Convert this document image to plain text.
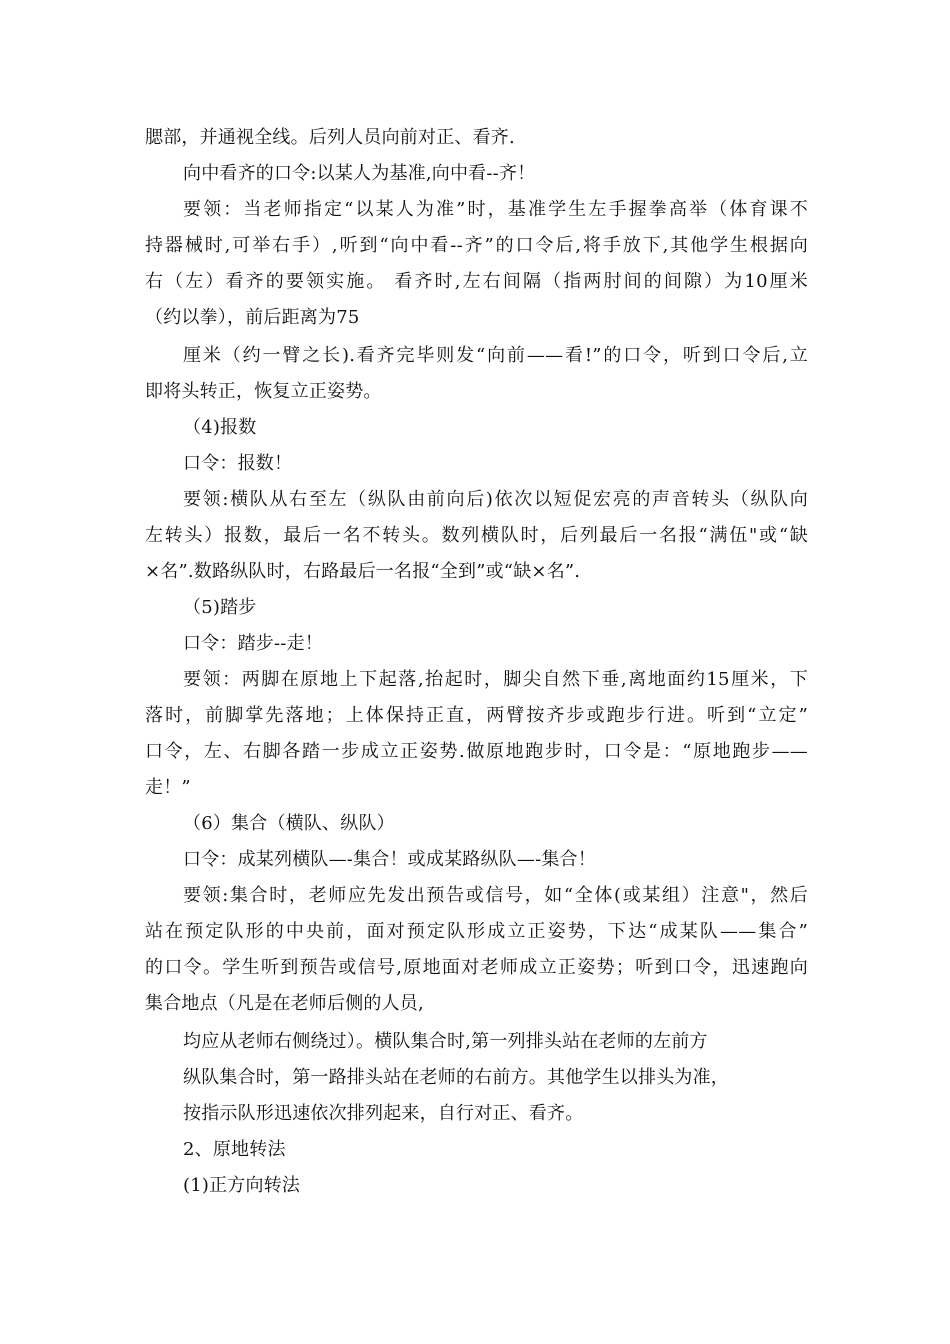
腮部，并通视全线。后列人员向前对正、看齐.
向中看齐的口令:以某人为基准,向中看--齐！
要领：当老师指定“以某人为准”时，基准学生左手握拳高举（体育课不
持器械时,可举右手）,听到“向中看--齐”的口令后,将手放下,其他学生根据向
右（左）看齐的要领实施。 看齐时,左右间隔（指两肘间的间隙）为10厘米
（约以拳），前后距离为75
厘米（约一臂之长).看齐完毕则发“向前——看!”的口令，听到口令后,立
即将头转正，恢复立正姿势。
（4)报数
口令：报数！
要领:横队从右至左（纵队由前向后)依次以短促宏亮的声音转头（纵队向
左转头）报数，最后一名不转头。数列横队时，后列最后一名报“满伍"或“缺
×名”.数路纵队时，右路最后一名报“全到”或“缺×名”.
（5)踏步
口令：踏步--走！
要领：两脚在原地上下起落,抬起时，脚尖自然下垂,离地面约15厘米，下
落时，前脚掌先落地；上体保持正直，两臂按齐步或跑步行进。听到“立定”
口令，左、右脚各踏一步成立正姿势.做原地跑步时，口令是：“原地跑步——
走！”
（6）集合（横队、纵队）
口令：成某列横队—-集合！或成某路纵队—-集合！
要领:集合时，老师应先发出预告或信号，如“全体(或某组）注意"，然后
站在预定队形的中央前，面对预定队形成立正姿势，下达“成某队——集合”
的口令。学生听到预告或信号,原地面对老师成立正姿势；听到口令，迅速跑向
集合地点（凡是在老师后侧的人员,
均应从老师右侧绕过）。横队集合时,第一列排头站在老师的左前方
纵队集合时，第一路排头站在老师的右前方。其他学生以排头为准，
按指示队形迅速依次排列起来，自行对正、看齐。
2、原地转法
(1)正方向转法
